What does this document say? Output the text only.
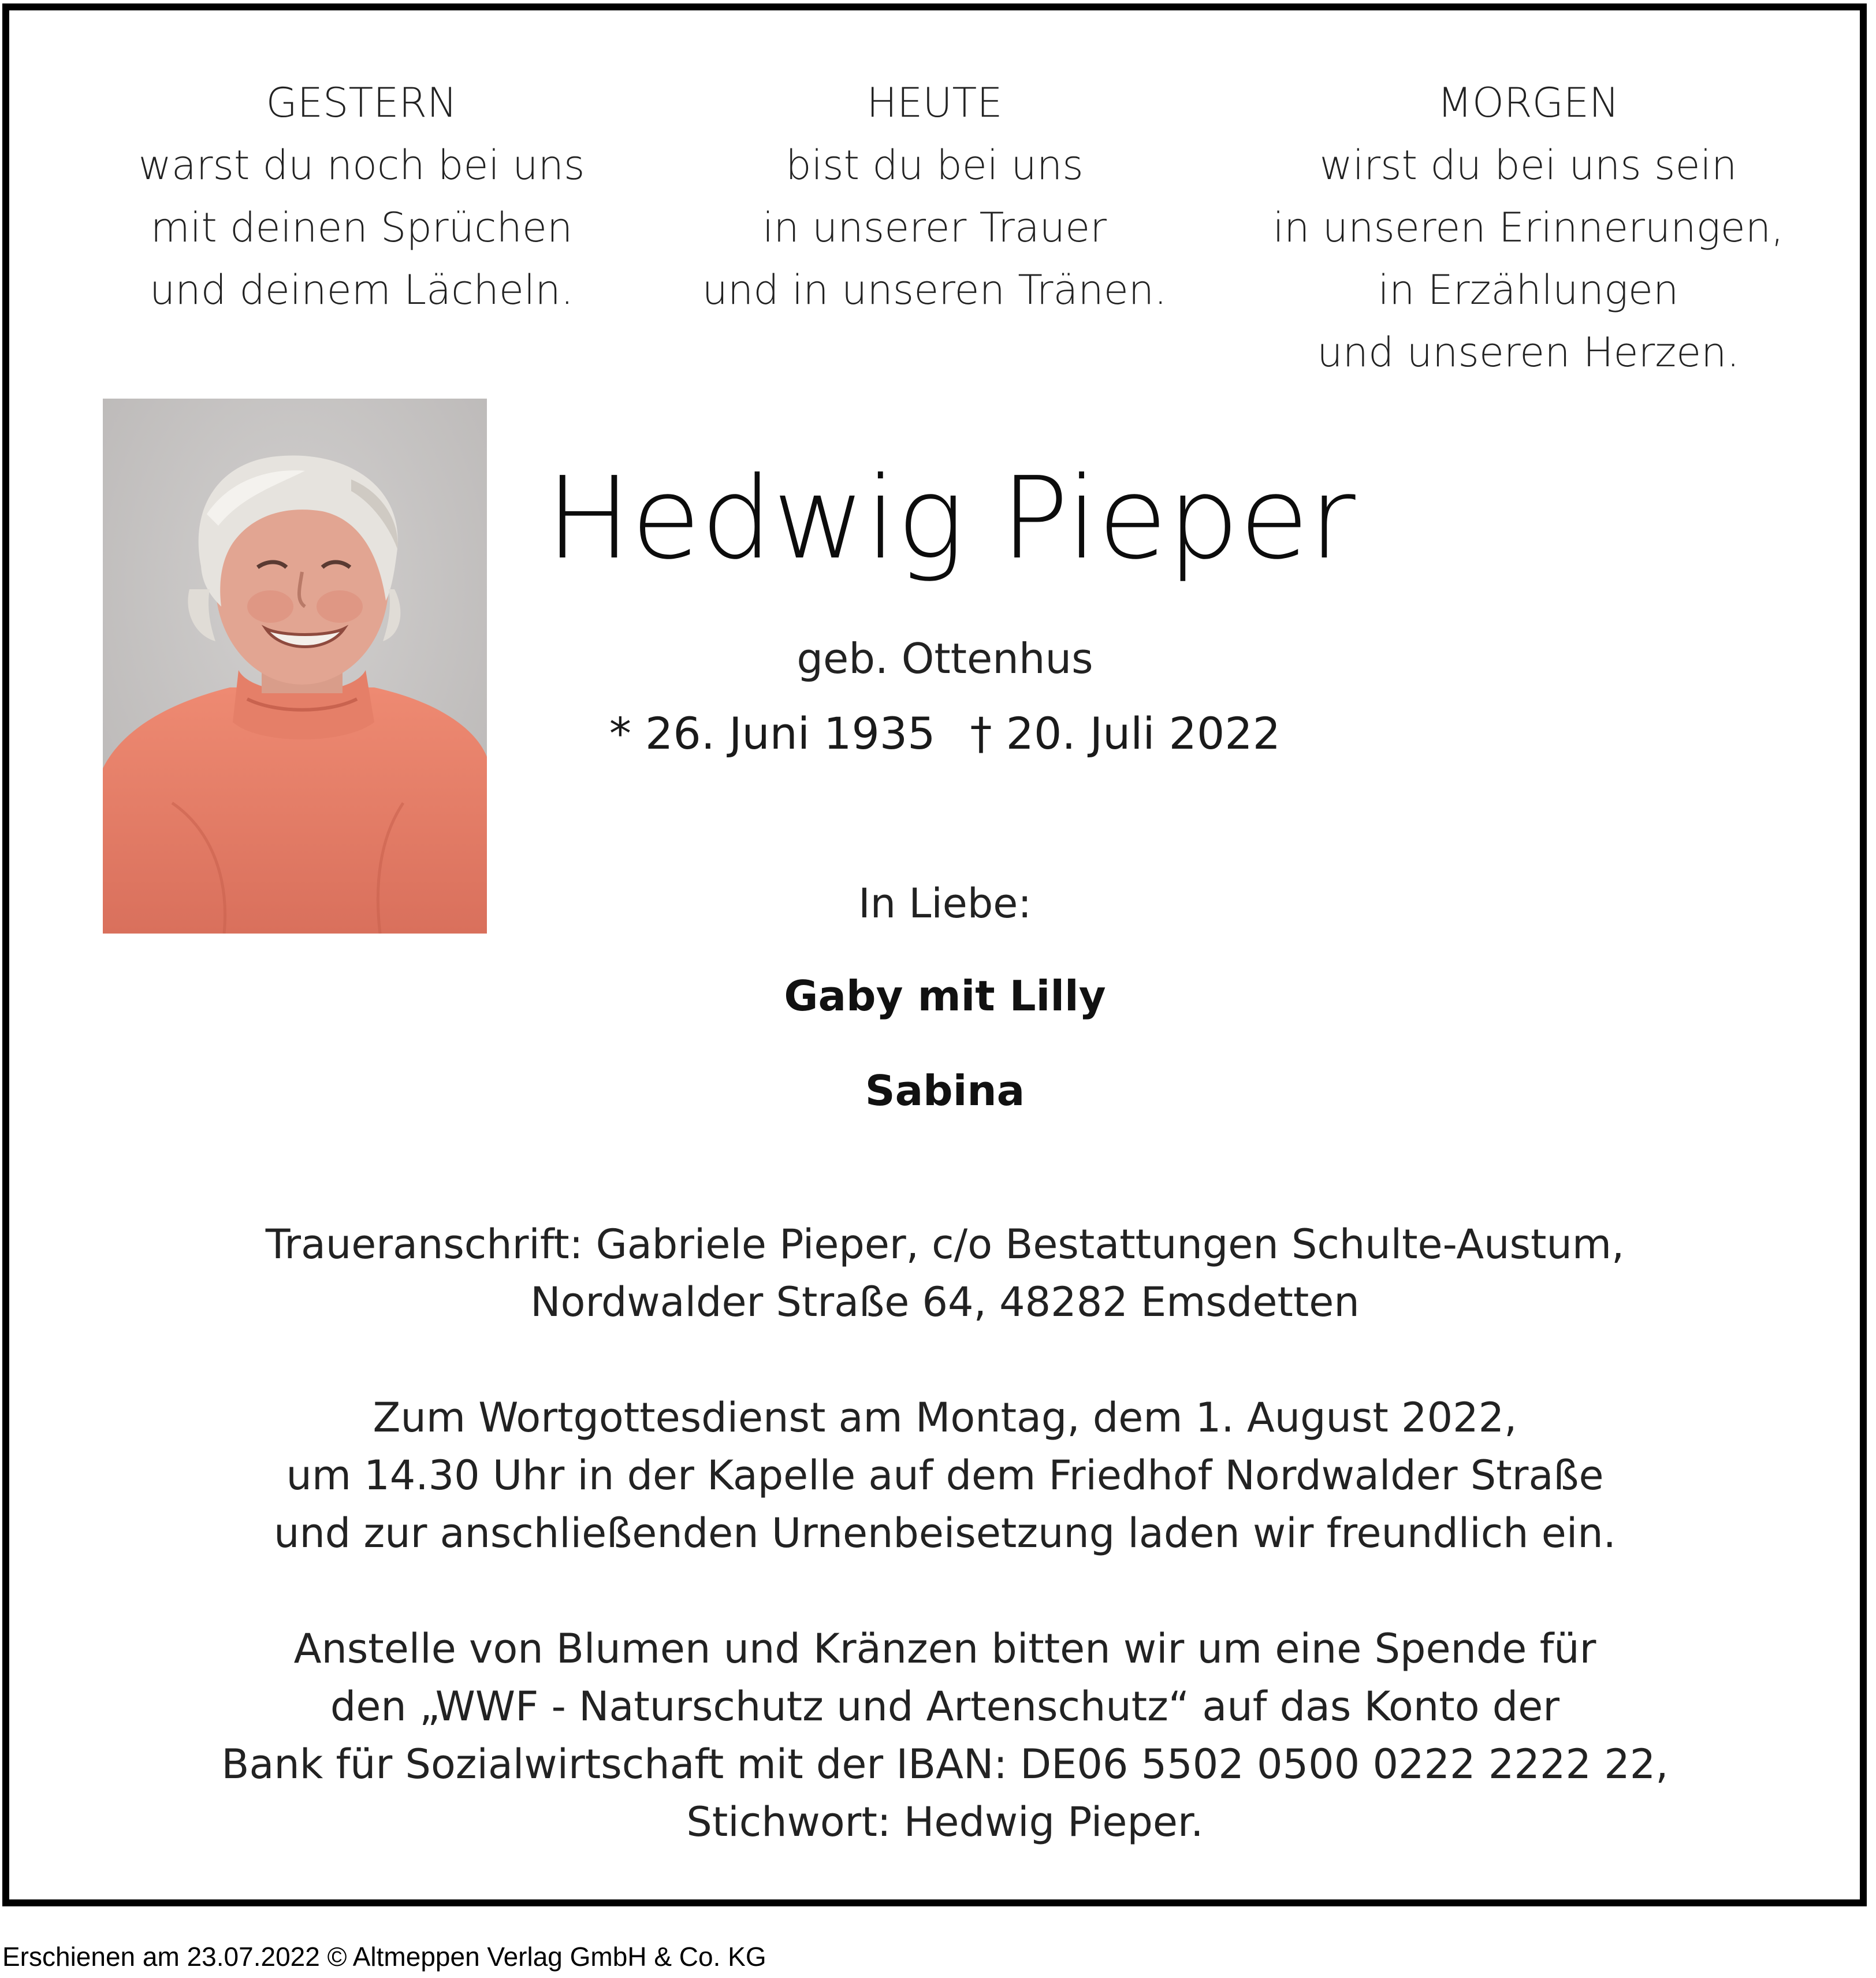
GESTERN
warst du noch bei uns
mit deinen Sprüchen
und deinem Lächeln.
HEUTE
bist du bei uns
in unserer Trauer
und in unseren Tränen.
MORGEN
wirst du bei uns sein
in unseren Erinnerungen,
in Erzählungen
und unseren Herzen.
Hedwig Pieper
geb. Ottenhus
* 26. Juni 1935 † 20. Juli 2022
In Liebe:
Gaby mit Lilly
Sabina
Traueranschrift: Gabriele Pieper, c/o Bestattungen Schulte-Austum,
Nordwalder Straße 64, 48282 Emsdetten
Zum Wortgottesdienst am Montag, dem 1. August 2022,
um 14.30 Uhr in der Kapelle auf dem Friedhof Nordwalder Straße
und zur anschließenden Urnenbeisetzung laden wir freundlich ein.
Anstelle von Blumen und Kränzen bitten wir um eine Spende für
den „WWF - Naturschutz und Artenschutz“ auf das Konto der
Bank für Sozialwirtschaft mit der IBAN: DE06 5502 0500 0222 2222 22,
Stichwort: Hedwig Pieper.
Erschienen am 23.07.2022 © Altmeppen Verlag GmbH & Co. KG
